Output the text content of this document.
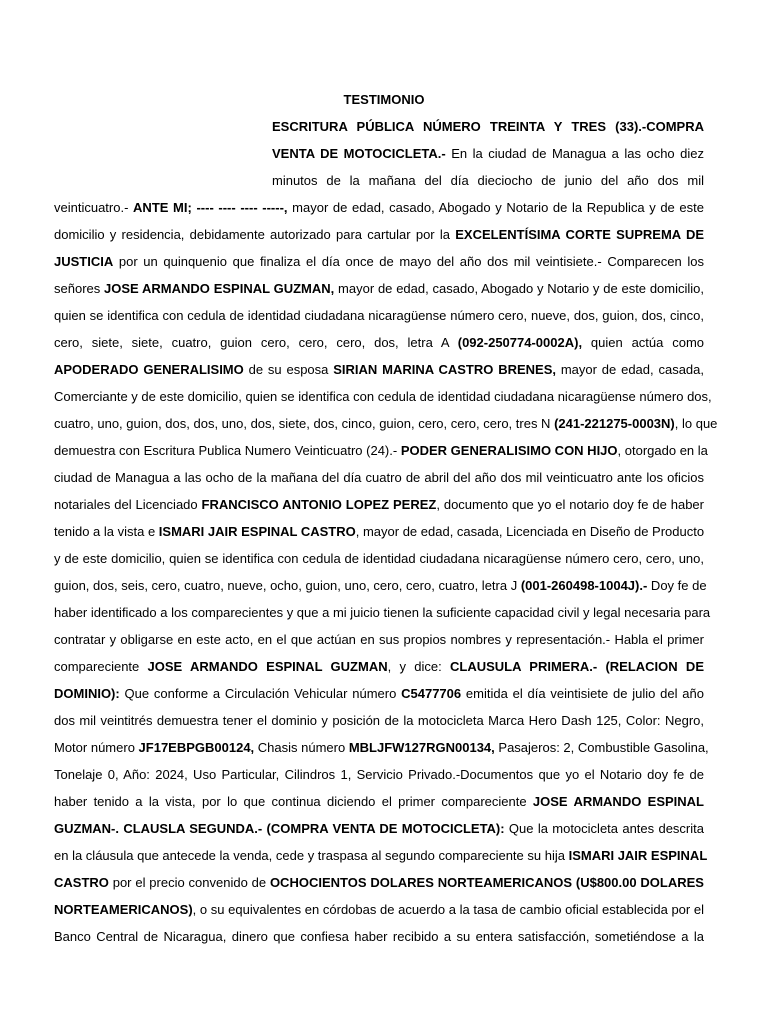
TESTIMONIO
ESCRITURA PÚBLICA NÚMERO TREINTA Y TRES (33).-COMPRA
VENTA DE MOTOCICLETA.- En la ciudad de Managua a las ocho diez
minutos de la mañana del día dieciocho de junio del año dos mil
veinticuatro.- ANTE MI; ---- ---- ---- -----, mayor de edad, casado, Abogado y Notario de la Republica y de este
domicilio y residencia, debidamente autorizado para cartular por la EXCELENTÍSIMA CORTE SUPREMA DE
JUSTICIA por un quinquenio que finaliza el día once de mayo del año dos mil veintisiete.- Comparecen los
señores JOSE ARMANDO ESPINAL GUZMAN, mayor de edad, casado, Abogado y Notario y de este domicilio,
quien se identifica con cedula de identidad ciudadana nicaragüense número cero, nueve, dos, guion, dos, cinco,
cero, siete, siete, cuatro, guion cero, cero, cero, dos, letra A (092-250774-0002A), quien actúa como
APODERADO GENERALISIMO de su esposa SIRIAN MARINA CASTRO BRENES, mayor de edad, casada,
Comerciante y de este domicilio, quien se identifica con cedula de identidad ciudadana nicaragüense número dos,
cuatro, uno, guion, dos, dos, uno, dos, siete, dos, cinco, guion, cero, cero, cero, tres N (241-221275-0003N), lo que
demuestra con Escritura Publica Numero Veinticuatro (24).- PODER GENERALISIMO CON HIJO, otorgado en la
ciudad de Managua a las ocho de la mañana del día cuatro de abril del año dos mil veinticuatro ante los oficios
notariales del Licenciado FRANCISCO ANTONIO LOPEZ PEREZ, documento que yo el notario doy fe de haber
tenido a la vista e ISMARI JAIR ESPINAL CASTRO, mayor de edad, casada, Licenciada en Diseño de Producto
y de este domicilio, quien se identifica con cedula de identidad ciudadana nicaragüense número cero, cero, uno,
guion, dos, seis, cero, cuatro, nueve, ocho, guion, uno, cero, cero, cuatro, letra J (001-260498-1004J).- Doy fe de
haber identificado a los comparecientes y que a mi juicio tienen la suficiente capacidad civil y legal necesaria para
contratar y obligarse en este acto, en el que actúan en sus propios nombres y representación.- Habla el primer
compareciente JOSE ARMANDO ESPINAL GUZMAN, y dice: CLAUSULA PRIMERA.- (RELACION DE
DOMINIO): Que conforme a Circulación Vehicular número C5477706 emitida el día veintisiete de julio del año
dos mil veintitrés demuestra tener el dominio y posición de la motocicleta Marca Hero Dash 125, Color: Negro,
Motor número JF17EBPGB00124, Chasis número MBLJFW127RGN00134, Pasajeros: 2, Combustible Gasolina,
Tonelaje 0, Año: 2024, Uso Particular, Cilindros 1, Servicio Privado.-Documentos que yo el Notario doy fe de
haber tenido a la vista, por lo que continua diciendo el primer compareciente JOSE ARMANDO ESPINAL
GUZMAN-. CLAUSLA SEGUNDA.- (COMPRA VENTA DE MOTOCICLETA): Que la motocicleta antes descrita
en la cláusula que antecede la venda, cede y traspasa al segundo compareciente su hija ISMARI JAIR ESPINAL
CASTRO por el precio convenido de OCHOCIENTOS DOLARES NORTEAMERICANOS (U$800.00 DOLARES
NORTEAMERICANOS), o su equivalentes en córdobas de acuerdo a la tasa de cambio oficial establecida por el
Banco Central de Nicaragua, dinero que confiesa haber recibido a su entera satisfacción, sometiéndose a la
